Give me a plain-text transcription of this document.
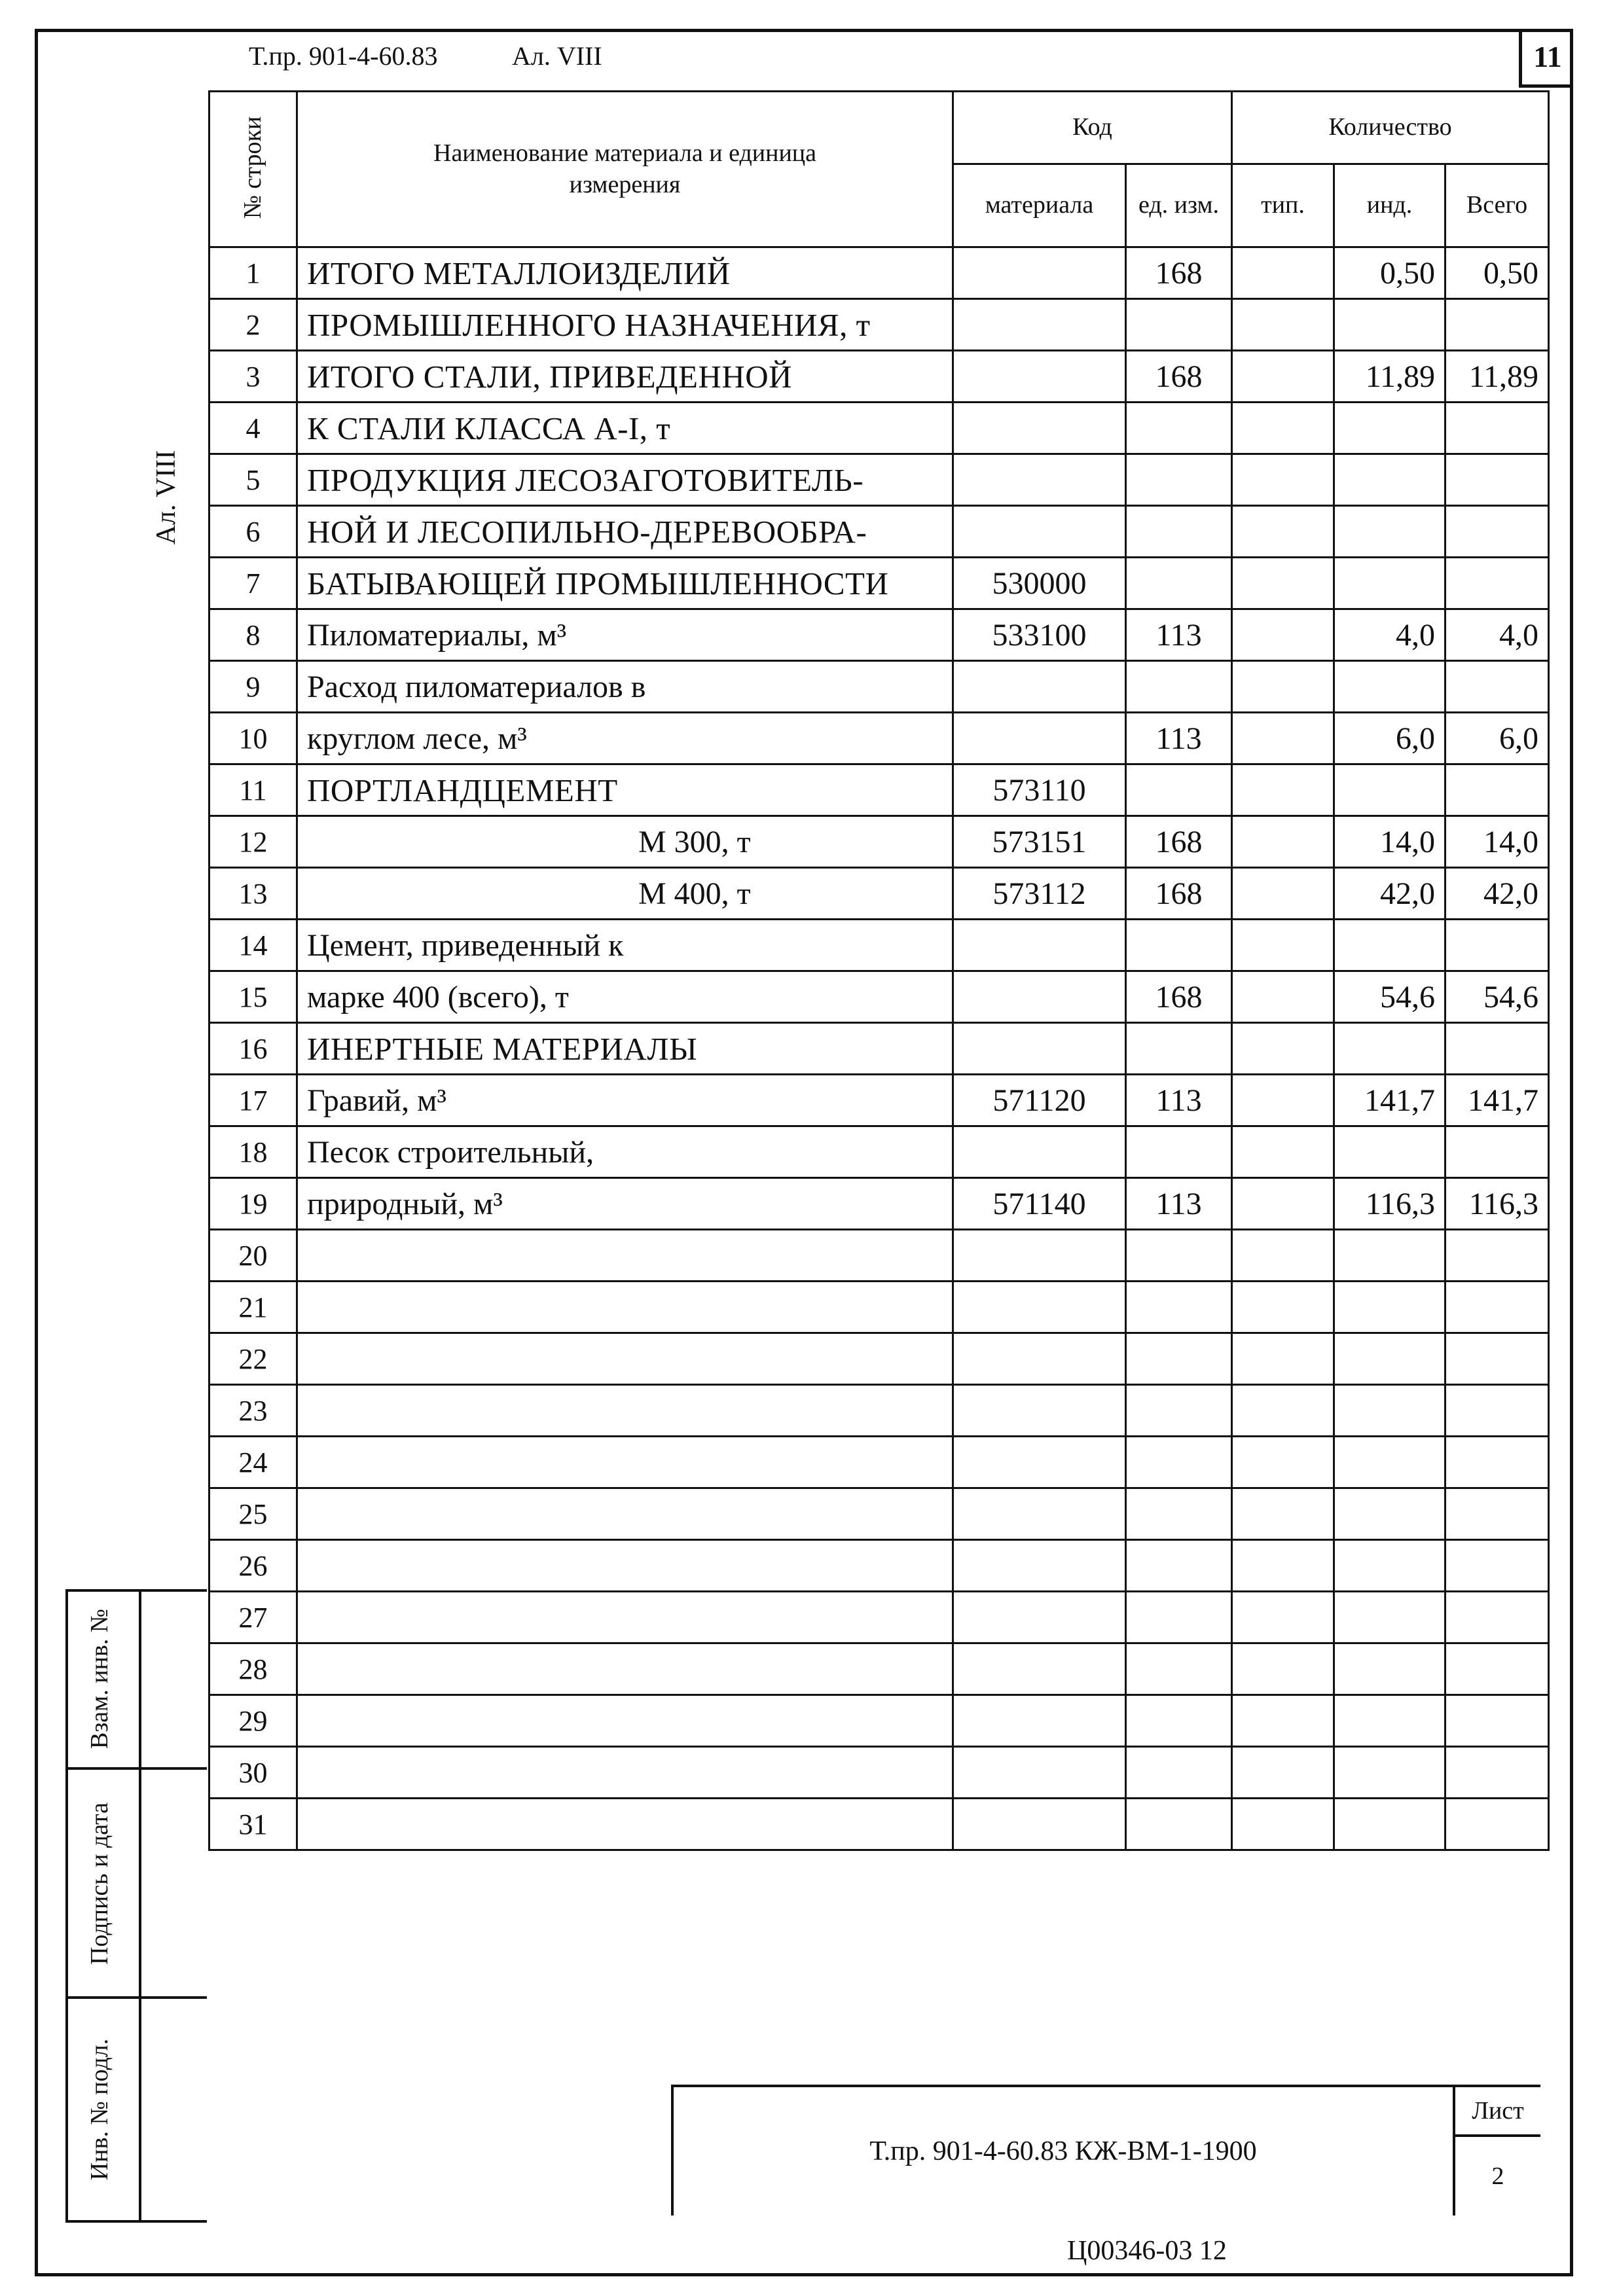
Т.пр. 901-4-60.83	Ал. VIII	11
Ал. VIII
№ строки	Наименование материала и единица измерения	Код		Количество		
		материала	ед. изм.	тип.	инд.	Всего
1	ИТОГО МЕТАЛЛОИЗДЕЛИЙ		168		0,50	0,50
2	ПРОМЫШЛЕННОГО НАЗНАЧЕНИЯ, т					
3	ИТОГО СТАЛИ, ПРИВЕДЕННОЙ		168		11,89	11,89
4	К СТАЛИ КЛАССА А-I, т					
5	ПРОДУКЦИЯ ЛЕСОЗАГОТОВИТЕЛЬ-					
6	НОЙ И ЛЕСОПИЛЬНО-ДЕРЕВООБРА-					
7	БАТЫВАЮЩЕЙ ПРОМЫШЛЕННОСТИ	530000				
8	Пиломатериалы, м³	533100	113		4,0	4,0
9	Расход пиломатериалов в					
10	круглом лесе, м³		113		6,0	6,0
11	ПОРТЛАНДЦЕМЕНТ	573110				
12	М 300, т	573151	168		14,0	14,0
13	М 400, т	573112	168		42,0	42,0
14	Цемент, приведенный к					
15	марке 400 (всего), т		168		54,6	54,6
16	ИНЕРТНЫЕ МАТЕРИАЛЫ					
17	Гравий, м³	571120	113		141,7	141,7
18	Песок строительный,					
19	природный, м³	571140	113		116,3	116,3
20						
21						
22						
23						
24						
25						
26						
27						
28						
29						
30						
31						
Взам. инв. №
Подпись и дата
Инв. № подл.	Т.пр. 901-4-60.83 КЖ-ВМ-1-1900
Лист
2
Ц00346-03 12
